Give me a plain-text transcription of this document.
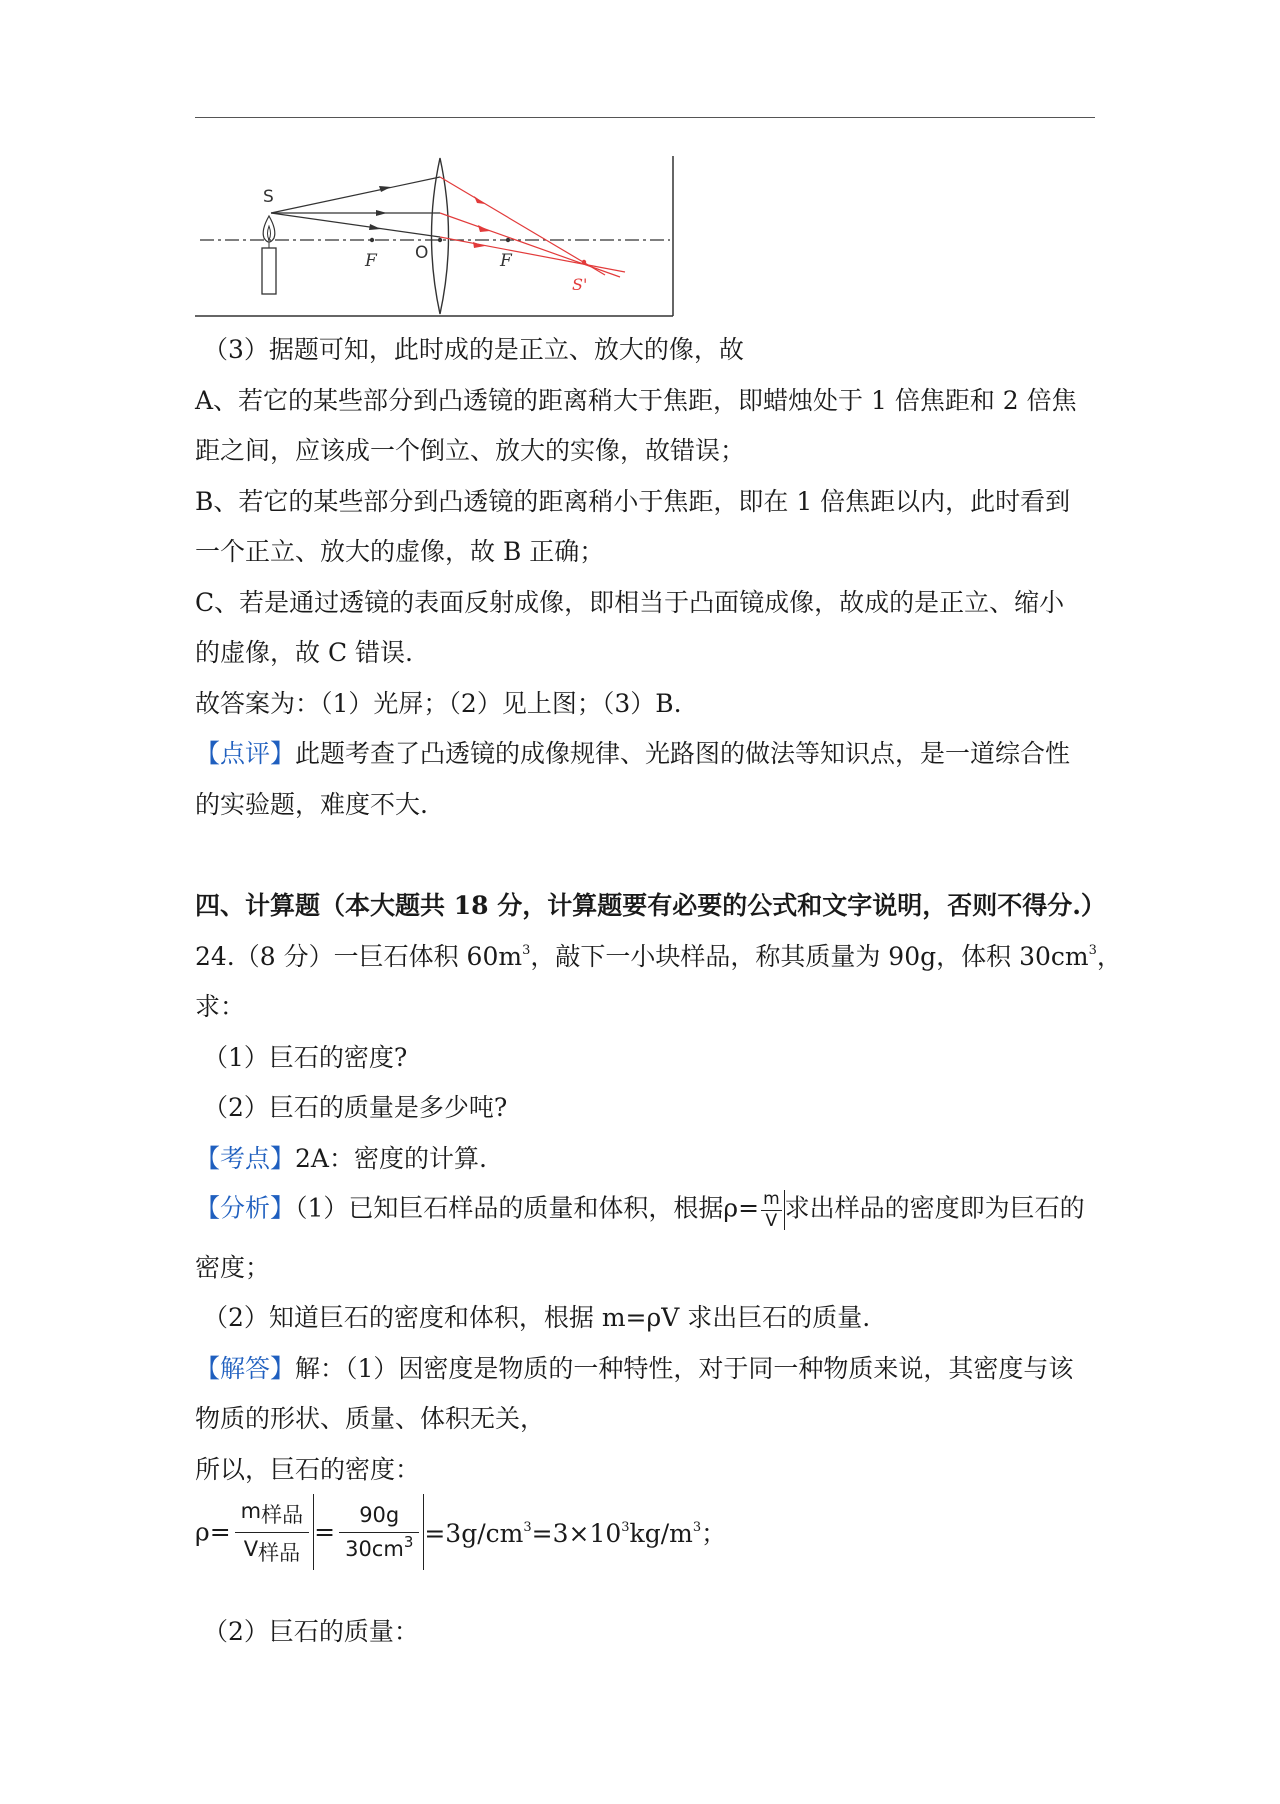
S
F O	F
S'
（3）据题可知，此时成的是正立、放大的像，故
A、若它的某些部分到凸透镜的距离稍大于焦距，即蜡烛处于 1 倍焦距和 2 倍焦
距之间，应该成一个倒立、放大的实像，故错误；
B、若它的某些部分到凸透镜的距离稍小于焦距，即在 1 倍焦距以内，此时看到
一个正立、放大的虚像，故 B 正确；
C、若是通过透镜的表面反射成像，即相当于凸面镜成像，故成的是正立、缩小
的虚像，故 C 错误.
故答案为：（1）光屏；（2）见上图；（3）B.
【点评】此题考查了凸透镜的成像规律、光路图的做法等知识点，是一道综合性
的实验题，难度不大.
四、计算题（本大题共 18 分，计算题要有必要的公式和文字说明，否则不得分.）
24.（8 分）一巨石体积 $60m^3$，敲下一小块样品，称其质量为 90g，体积 $30cm^3$，
求：
（1）巨石的密度?
（2）巨石的质量是多少吨?
【考点】2A：密度的计算.
【分析】（1）已知巨石样品的质量和体积，根据$\rho= \frac{m}{V}$ 求出样品的密度即为巨石的
密度；
（2）知道巨石的密度和体积，根据 m=ρV 求出巨石的质量.
【解答】解：（1）因密度是物质的一种特性，对于同一种物质来说，其密度与该
物质的形状、质量、体积无关，
所以，巨石的密度：
$\rho= \frac{m_{样品}}{V_{样品}} = \frac{90g}{30cm^3} =3g/cm^3=3\times 10^3kg/m^3$；
（2）巨石的质量：
